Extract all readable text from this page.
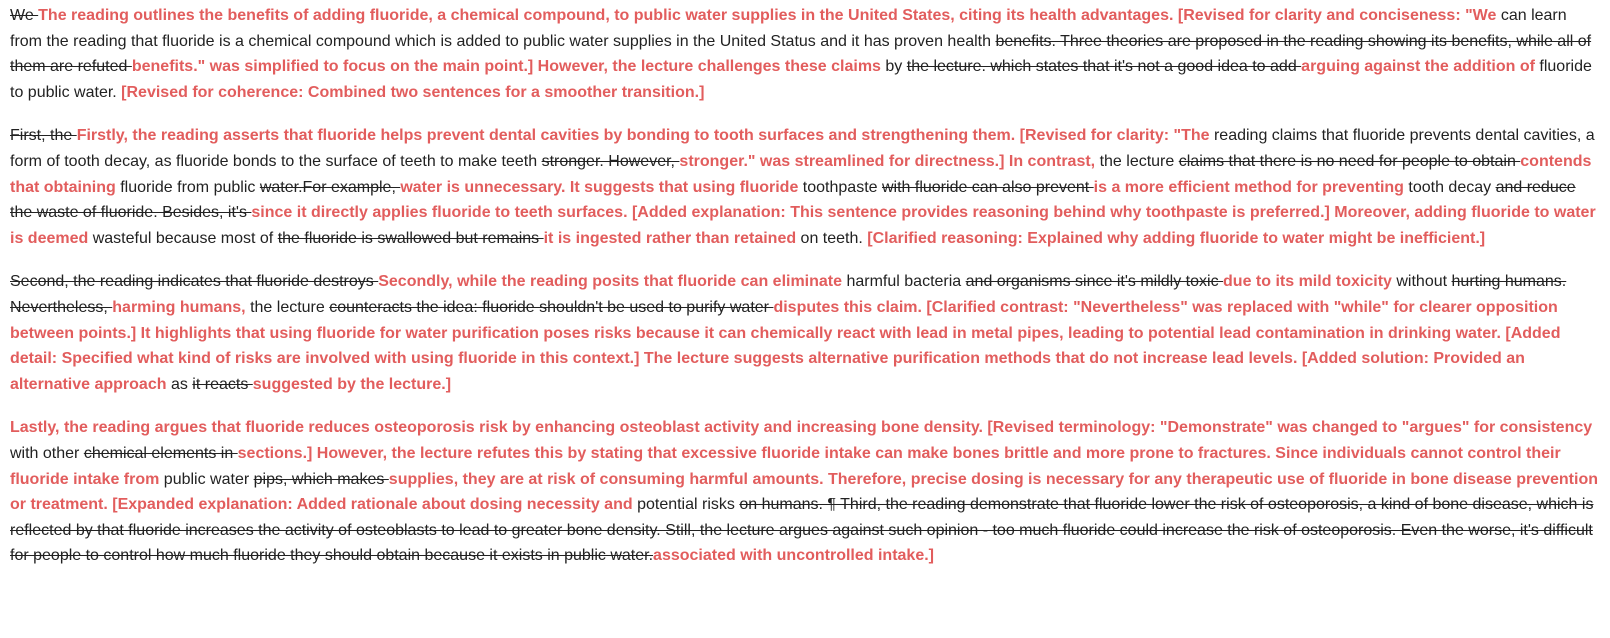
We The reading outlines the benefits of adding fluoride, a chemical compound, to public water supplies in the United States, citing its health advantages. [Revised for clarity and conciseness: "We can learn from the reading that fluoride is a chemical compound which is added to public water supplies in the United Status and it has proven health benefits. Three theories are proposed in the reading showing its benefits, while all of them are refuted benefits." was simplified to focus on the main point.] However, the lecture challenges these claims by the lecture. which states that it's not a good idea to add arguing against the addition of fluoride to public water. [Revised for coherence: Combined two sentences for a smoother transition.]

First, the Firstly, the reading asserts that fluoride helps prevent dental cavities by bonding to tooth surfaces and strengthening them. [Revised for clarity: "The reading claims that fluoride prevents dental cavities, a form of tooth decay, as fluoride bonds to the surface of teeth to make teeth stronger. However, stronger." was streamlined for directness.] In contrast, the lecture claims that there is no need for people to obtain contends that obtaining fluoride from public water.For example, water is unnecessary. It suggests that using fluoride toothpaste with fluoride can also prevent is a more efficient method for preventing tooth decay and reduce the waste of fluoride. Besides, it's since it directly applies fluoride to teeth surfaces. [Added explanation: This sentence provides reasoning behind why toothpaste is preferred.] Moreover, adding fluoride to water is deemed wasteful because most of the fluoride is swallowed but remains it is ingested rather than retained on teeth. [Clarified reasoning: Explained why adding fluoride to water might be inefficient.]

Second, the reading indicates that fluoride destroys Secondly, while the reading posits that fluoride can eliminate harmful bacteria and organisms since it's mildly toxic due to its mild toxicity without hurting humans. Nevertheless, harming humans, the lecture counteracts the idea: fluoride shouldn't be used to purify water disputes this claim. [Clarified contrast: "Nevertheless" was replaced with "while" for clearer opposition between points.] It highlights that using fluoride for water purification poses risks because it can chemically react with lead in metal pipes, leading to potential lead contamination in drinking water. [Added detail: Specified what kind of risks are involved with using fluoride in this context.] The lecture suggests alternative purification methods that do not increase lead levels. [Added solution: Provided an alternative approach as it reacts suggested by the lecture.]

Lastly, the reading argues that fluoride reduces osteoporosis risk by enhancing osteoblast activity and increasing bone density. [Revised terminology: "Demonstrate" was changed to "argues" for consistency with other chemical elements in sections.] However, the lecture refutes this by stating that excessive fluoride intake can make bones brittle and more prone to fractures. Since individuals cannot control their fluoride intake from public water pips, which makes supplies, they are at risk of consuming harmful amounts. Therefore, precise dosing is necessary for any therapeutic use of fluoride in bone disease prevention or treatment. [Expanded explanation: Added rationale about dosing necessity and potential risks on humans. ¶ Third, the reading demonstrate that fluoride lower the risk of osteoporosis, a kind of bone disease, which is reflected by that fluoride increases the activity of osteoblasts to lead to greater bone density. Still, the lecture argues against such opinion - too much fluoride could increase the risk of osteoporosis. Even the worse, it's difficult for people to control how much fluoride they should obtain because it exists in public water.associated with uncontrolled intake.]
